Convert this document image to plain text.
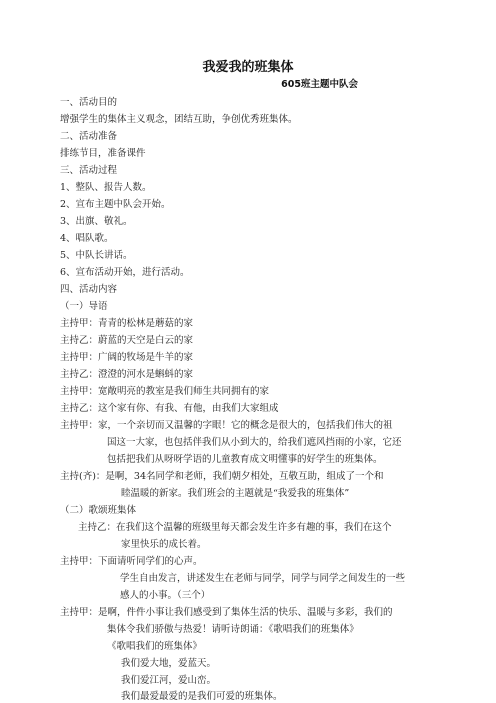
我爱我的班集体
605班主题中队会
一、活动目的
增强学生的集体主义观念，团结互助，争创优秀班集体。
二、活动准备
排练节目，准备课件
三、活动过程
1、整队、报告人数。
2、宣布主题中队会开始。
3、出旗、敬礼。
4、唱队歌。
5、中队长讲话。
6、宣布活动开始，进行活动。
四、活动内容
（一）导语
主持甲：青青的松林是蘑菇的家
主持乙：蔚蓝的天空是白云的家
主持甲：广阔的牧场是牛羊的家
主持乙：澄澄的河水是蝌蚪的家
主持甲：宽敞明亮的教室是我们师生共同拥有的家
主持乙：这个家有你、有我、有他，由我们大家组成
主持甲：家，一个亲切而又温馨的字眼！它的概念是很大的，包括我们伟大的祖
国这一大家，也包括伴我们从小到大的，给我们遮风挡雨的小家，它还
包括把我们从呀呀学语的儿童教育成文明懂事的好学生的班集体。
主持(齐)：是啊，34名同学和老师，我们朝夕相处，互敬互助，组成了一个和
睦温暖的新家。我们班会的主题就是“我爱我的班集体”
（二）歌颂班集体
主持乙：在我们这个温馨的班级里每天都会发生许多有趣的事，我们在这个
家里快乐的成长着。
主持甲：下面请听同学们的心声。
学生自由发言，讲述发生在老师与同学，同学与同学之间发生的一些
感人的小事。（三个）
主持甲：是啊，件件小事让我们感受到了集体生活的快乐、温暖与多彩，我们的
集体令我们骄傲与热爱！请听诗朗诵：《歌唱我们的班集体》
《歌唱我们的班集体》
我们爱大地，爱蓝天。
我们爱江河，爱山峦。
我们最爱最爱的是我们可爱的班集体。
